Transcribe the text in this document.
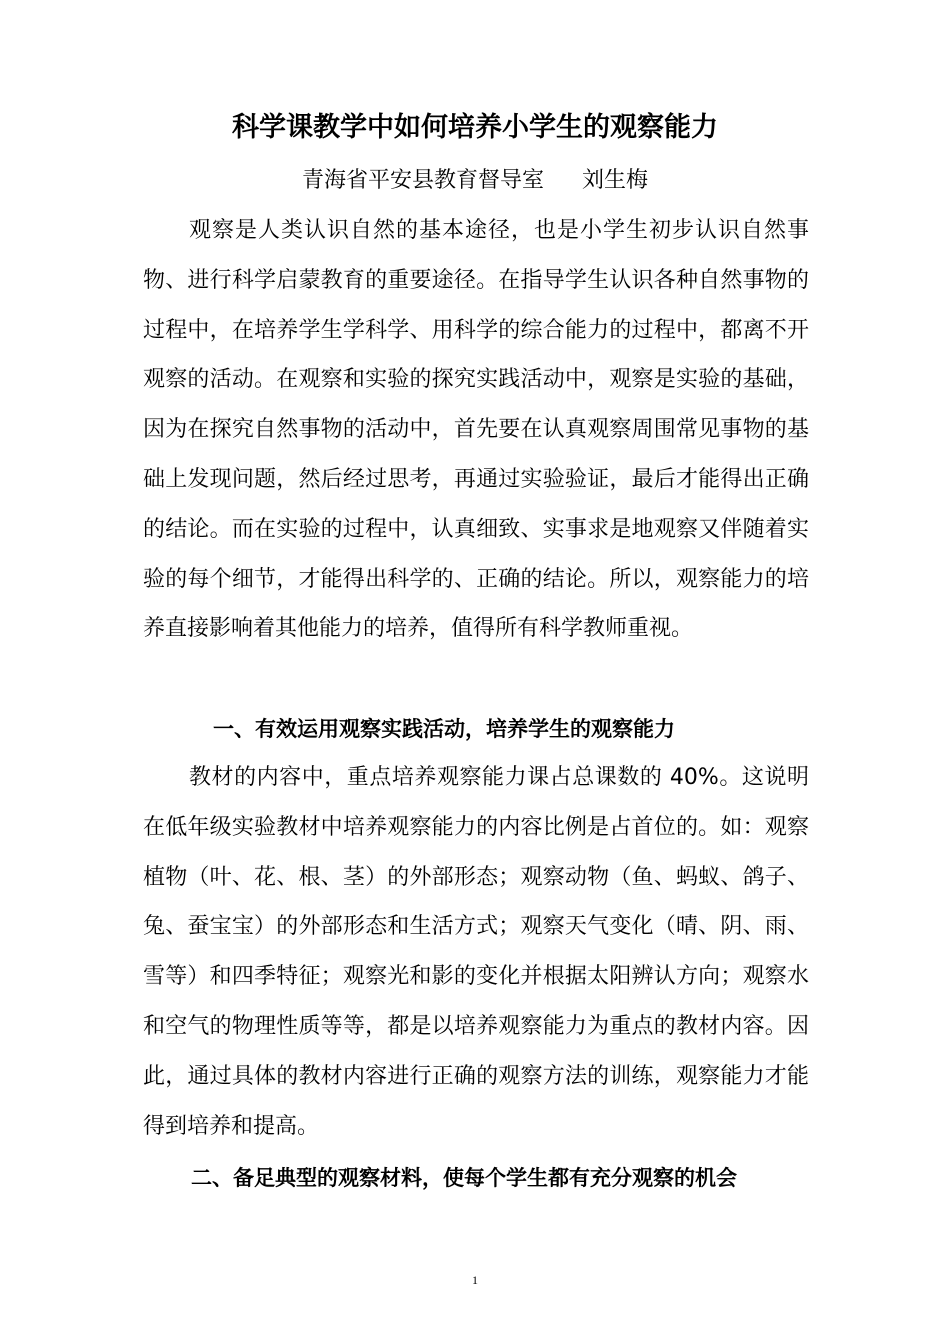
科学课教学中如何培养小学生的观察能力
青海省平安县教育督导室 刘生梅

观察是人类认识自然的基本途径，也是小学生初步认识自然事物、进行科学启蒙教育的重要途径。在指导学生认识各种自然事物的过程中，在培养学生学科学、用科学的综合能力的过程中，都离不开观察的活动。在观察和实验的探究实践活动中，观察是实验的基础，因为在探究自然事物的活动中，首先要在认真观察周围常见事物的基础上发现问题，然后经过思考，再通过实验验证，最后才能得出正确的结论。而在实验的过程中，认真细致、实事求是地观察又伴随着实验的每个细节，才能得出科学的、正确的结论。所以，观察能力的培养直接影响着其他能力的培养，值得所有科学教师重视。

一、有效运用观察实践活动，培养学生的观察能力

教材的内容中，重点培养观察能力课占总课数的 40%。这说明在低年级实验教材中培养观察能力的内容比例是占首位的。如：观察植物（叶、花、根、茎）的外部形态；观察动物（鱼、蚂蚁、鸽子、兔、蚕宝宝）的外部形态和生活方式；观察天气变化（晴、阴、雨、雪等）和四季特征；观察光和影的变化并根据太阳辨认方向；观察水和空气的物理性质等等，都是以培养观察能力为重点的教材内容。因此，通过具体的教材内容进行正确的观察方法的训练，观察能力才能得到培养和提高。

二、备足典型的观察材料，使每个学生都有充分观察的机会

1
